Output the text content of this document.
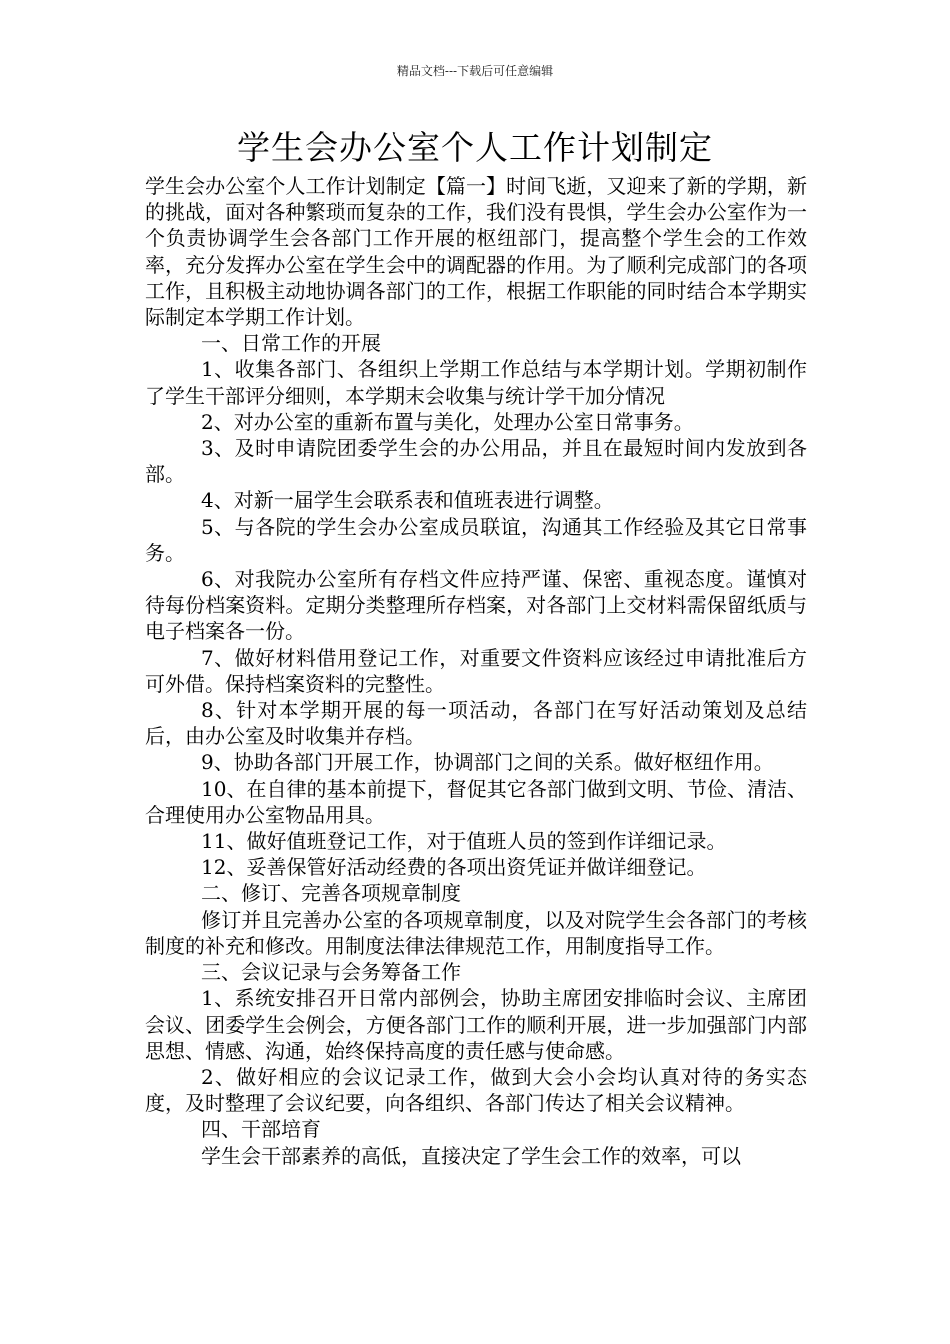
精品文档---下载后可任意编辑
学生会办公室个人工作计划制定

学生会办公室个人工作计划制定【篇一】时间飞逝，又迎来了新的学期，新的挑战，面对各种繁琐而复杂的工作，我们没有畏惧，学生会办公室作为一个负责协调学生会各部门工作开展的枢纽部门，提高整个学生会的工作效率，充分发挥办公室在学生会中的调配器的作用。为了顺利完成部门的各项工作，且积极主动地协调各部门的工作，根据工作职能的同时结合本学期实际制定本学期工作计划。

一、日常工作的开展

1、收集各部门、各组织上学期工作总结与本学期计划。学期初制作了学生干部评分细则，本学期末会收集与统计学干加分情况

2、对办公室的重新布置与美化，处理办公室日常事务。

3、及时申请院团委学生会的办公用品，并且在最短时间内发放到各部。

4、对新一届学生会联系表和值班表进行调整。

5、与各院的学生会办公室成员联谊，沟通其工作经验及其它日常事务。

6、对我院办公室所有存档文件应持严谨、保密、重视态度。谨慎对待每份档案资料。定期分类整理所存档案，对各部门上交材料需保留纸质与电子档案各一份。

7、做好材料借用登记工作，对重要文件资料应该经过申请批准后方可外借。保持档案资料的完整性。

8、针对本学期开展的每一项活动，各部门在写好活动策划及总结后，由办公室及时收集并存档。

9、协助各部门开展工作，协调部门之间的关系。做好枢纽作用。

10、在自律的基本前提下，督促其它各部门做到文明、节俭、清洁、合理使用办公室物品用具。

11、做好值班登记工作，对于值班人员的签到作详细记录。

12、妥善保管好活动经费的各项出资凭证并做详细登记。

二、修订、完善各项规章制度

修订并且完善办公室的各项规章制度，以及对院学生会各部门的考核制度的补充和修改。用制度法律法律规范工作，用制度指导工作。

三、会议记录与会务筹备工作

1、系统安排召开日常内部例会，协助主席团安排临时会议、主席团会议、团委学生会例会，方便各部门工作的顺利开展，进一步加强部门内部思想、情感、沟通，始终保持高度的责任感与使命感。

2、做好相应的会议记录工作，做到大会小会均认真对待的务实态度，及时整理了会议纪要，向各组织、各部门传达了相关会议精神。

四、干部培育

学生会干部素养的高低，直接决定了学生会工作的效率，可以
